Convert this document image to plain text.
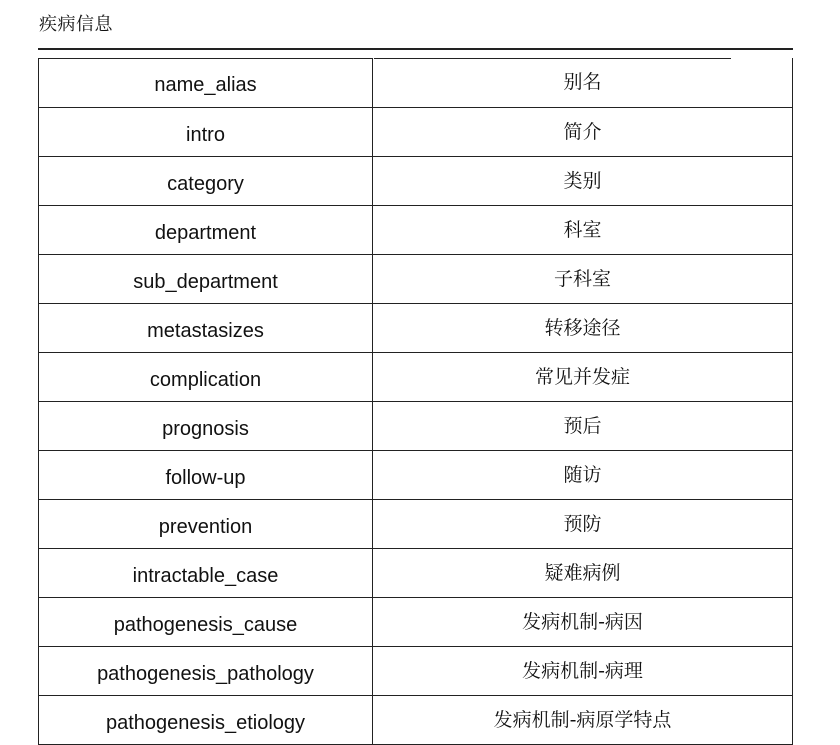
疾病信息
name_alias	别名
intro	简介
category	类别
department	科室
sub_department	子科室
metastasizes	转移途径
complication	常见并发症
prognosis	预后
follow-up	随访
prevention	预防
intractable_case	疑难病例
pathogenesis_cause	发病机制-病因
pathogenesis_pathology	发病机制-病理
pathogenesis_etiology	发病机制-病原学特点
